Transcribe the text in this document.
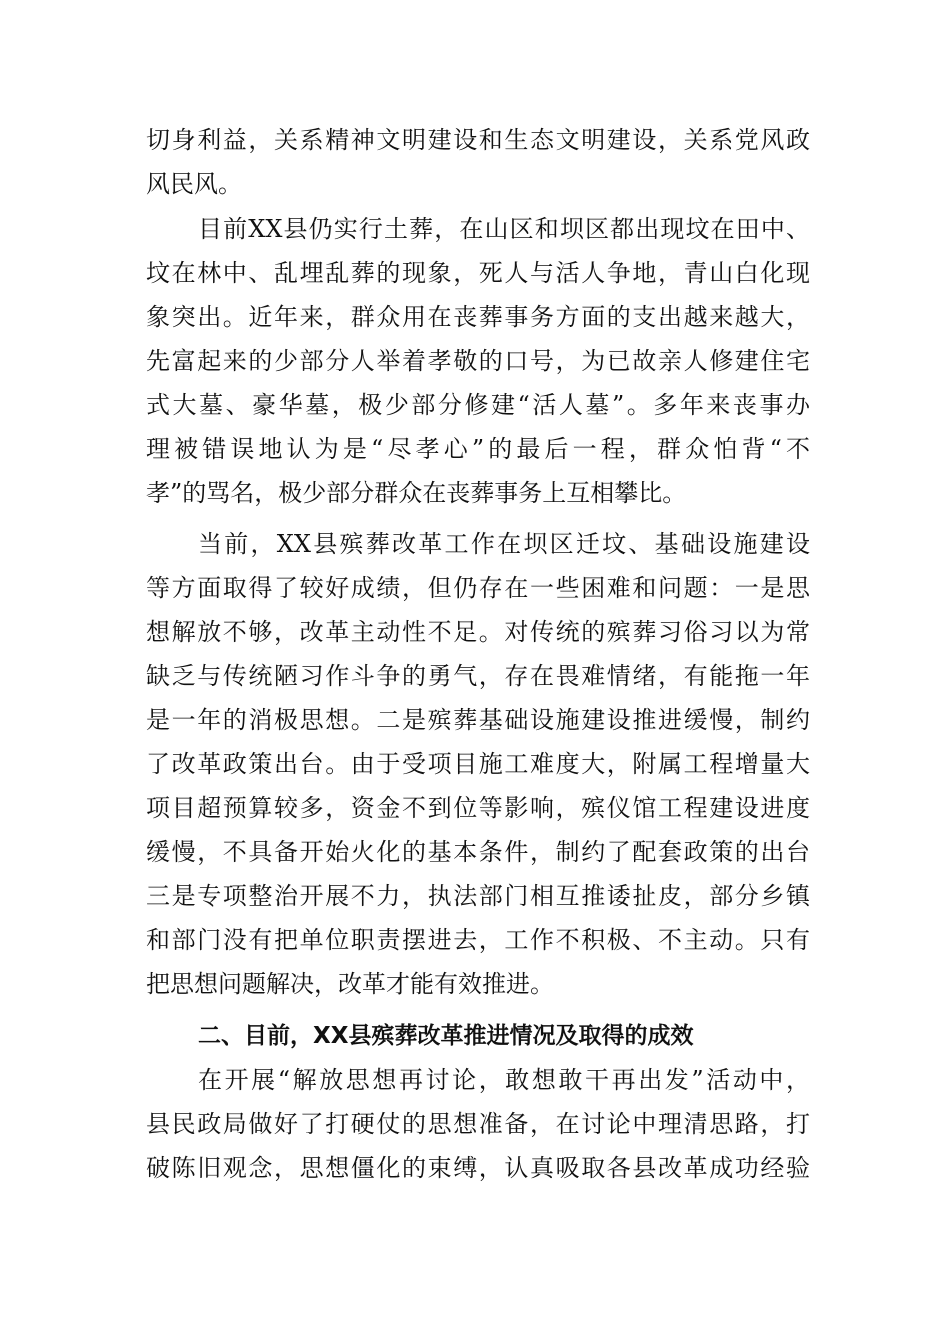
切身利益，关系精神文明建设和生态文明建设，关系党风政
风民风。
目前XX县仍实行土葬，在山区和坝区都出现坟在田中、
坟在林中、乱埋乱葬的现象，死人与活人争地，青山白化现
象突出。近年来，群众用在丧葬事务方面的支出越来越大，
先富起来的少部分人举着孝敬的口号，为已故亲人修建住宅
式大墓、豪华墓，极少部分修建“活人墓”。多年来丧事办
理被错误地认为是“尽孝心”的最后一程，群众怕背“不
孝”的骂名，极少部分群众在丧葬事务上互相攀比。
当前，XX县殡葬改革工作在坝区迁坟、基础设施建设
等方面取得了较好成绩，但仍存在一些困难和问题：一是思
想解放不够，改革主动性不足。对传统的殡葬习俗习以为常
缺乏与传统陋习作斗争的勇气，存在畏难情绪，有能拖一年
是一年的消极思想。二是殡葬基础设施建设推进缓慢，制约
了改革政策出台。由于受项目施工难度大，附属工程增量大
项目超预算较多，资金不到位等影响，殡仪馆工程建设进度
缓慢，不具备开始火化的基本条件，制约了配套政策的出台
三是专项整治开展不力，执法部门相互推诿扯皮，部分乡镇
和部门没有把单位职责摆进去，工作不积极、不主动。只有
把思想问题解决，改革才能有效推进。
二、目前，XX县殡葬改革推进情况及取得的成效
在开展“解放思想再讨论，敢想敢干再出发”活动中，
县民政局做好了打硬仗的思想准备，在讨论中理清思路，打
破陈旧观念，思想僵化的束缚，认真吸取各县改革成功经验
